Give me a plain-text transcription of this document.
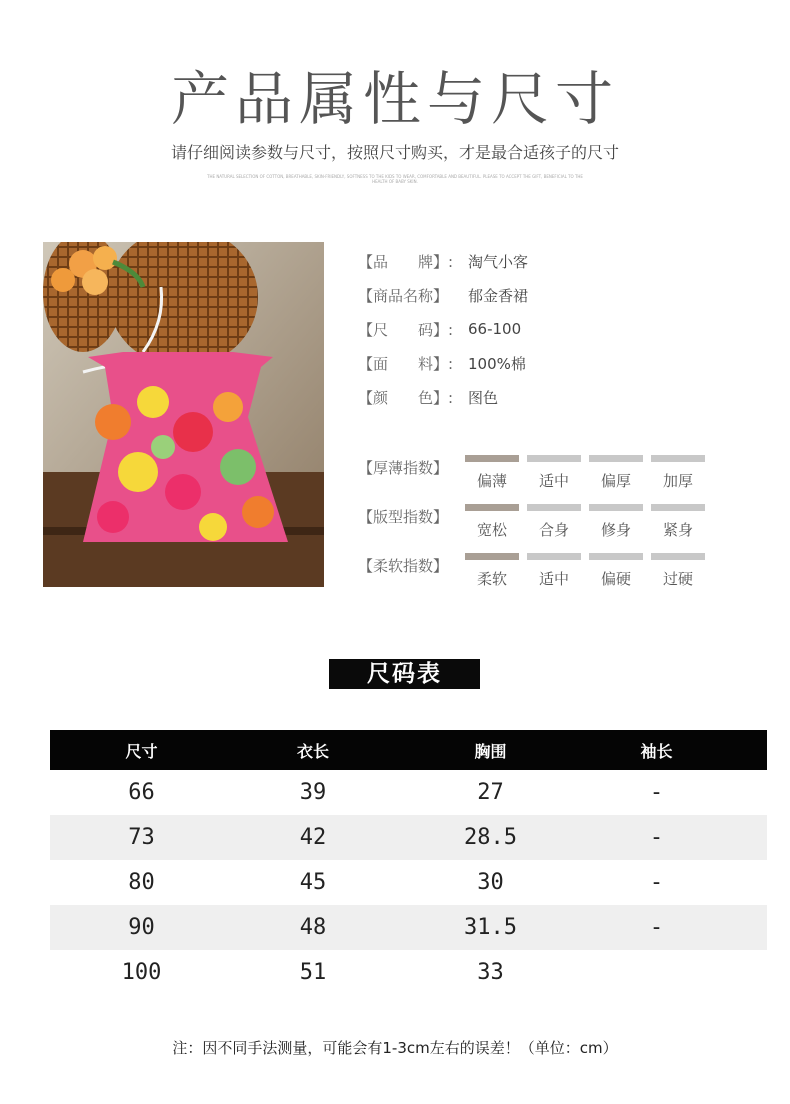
产品属性与尺寸
请仔细阅读参数与尺寸，按照尺寸购买，才是最合适孩子的尺寸
THE NATURAL SELECTION OF COTTON, BREATHABLE, SKIN-FRIENDLY, SOFTNESS TO THE KIDS TO WEAR, COMFORTABLE AND BEAUTIFUL. PLEASE TO ACCEPT THE GIFT, BENEFICIAL TO THE HEALTH OF BABY SKIN.
【品　　牌】: 淘气小客
【商品名称】	郁金香裙
【尺　　码】: 66-100
【面　　料】: 100%棉
【颜　　色】: 图色
【厚薄指数】
偏薄	适中	偏厚	加厚
【版型指数】
宽松	合身	修身	紧身
【柔软指数】
柔软	适中	偏硬	过硬
尺码表
尺寸	衣长	胸围	袖长
66	39	27	-
73	42	28.5	-
80	45	30	-
90	48	31.5	-
100	51	33
注：因不同手法测量，可能会有1-3cm左右的误差！（单位：cm）
